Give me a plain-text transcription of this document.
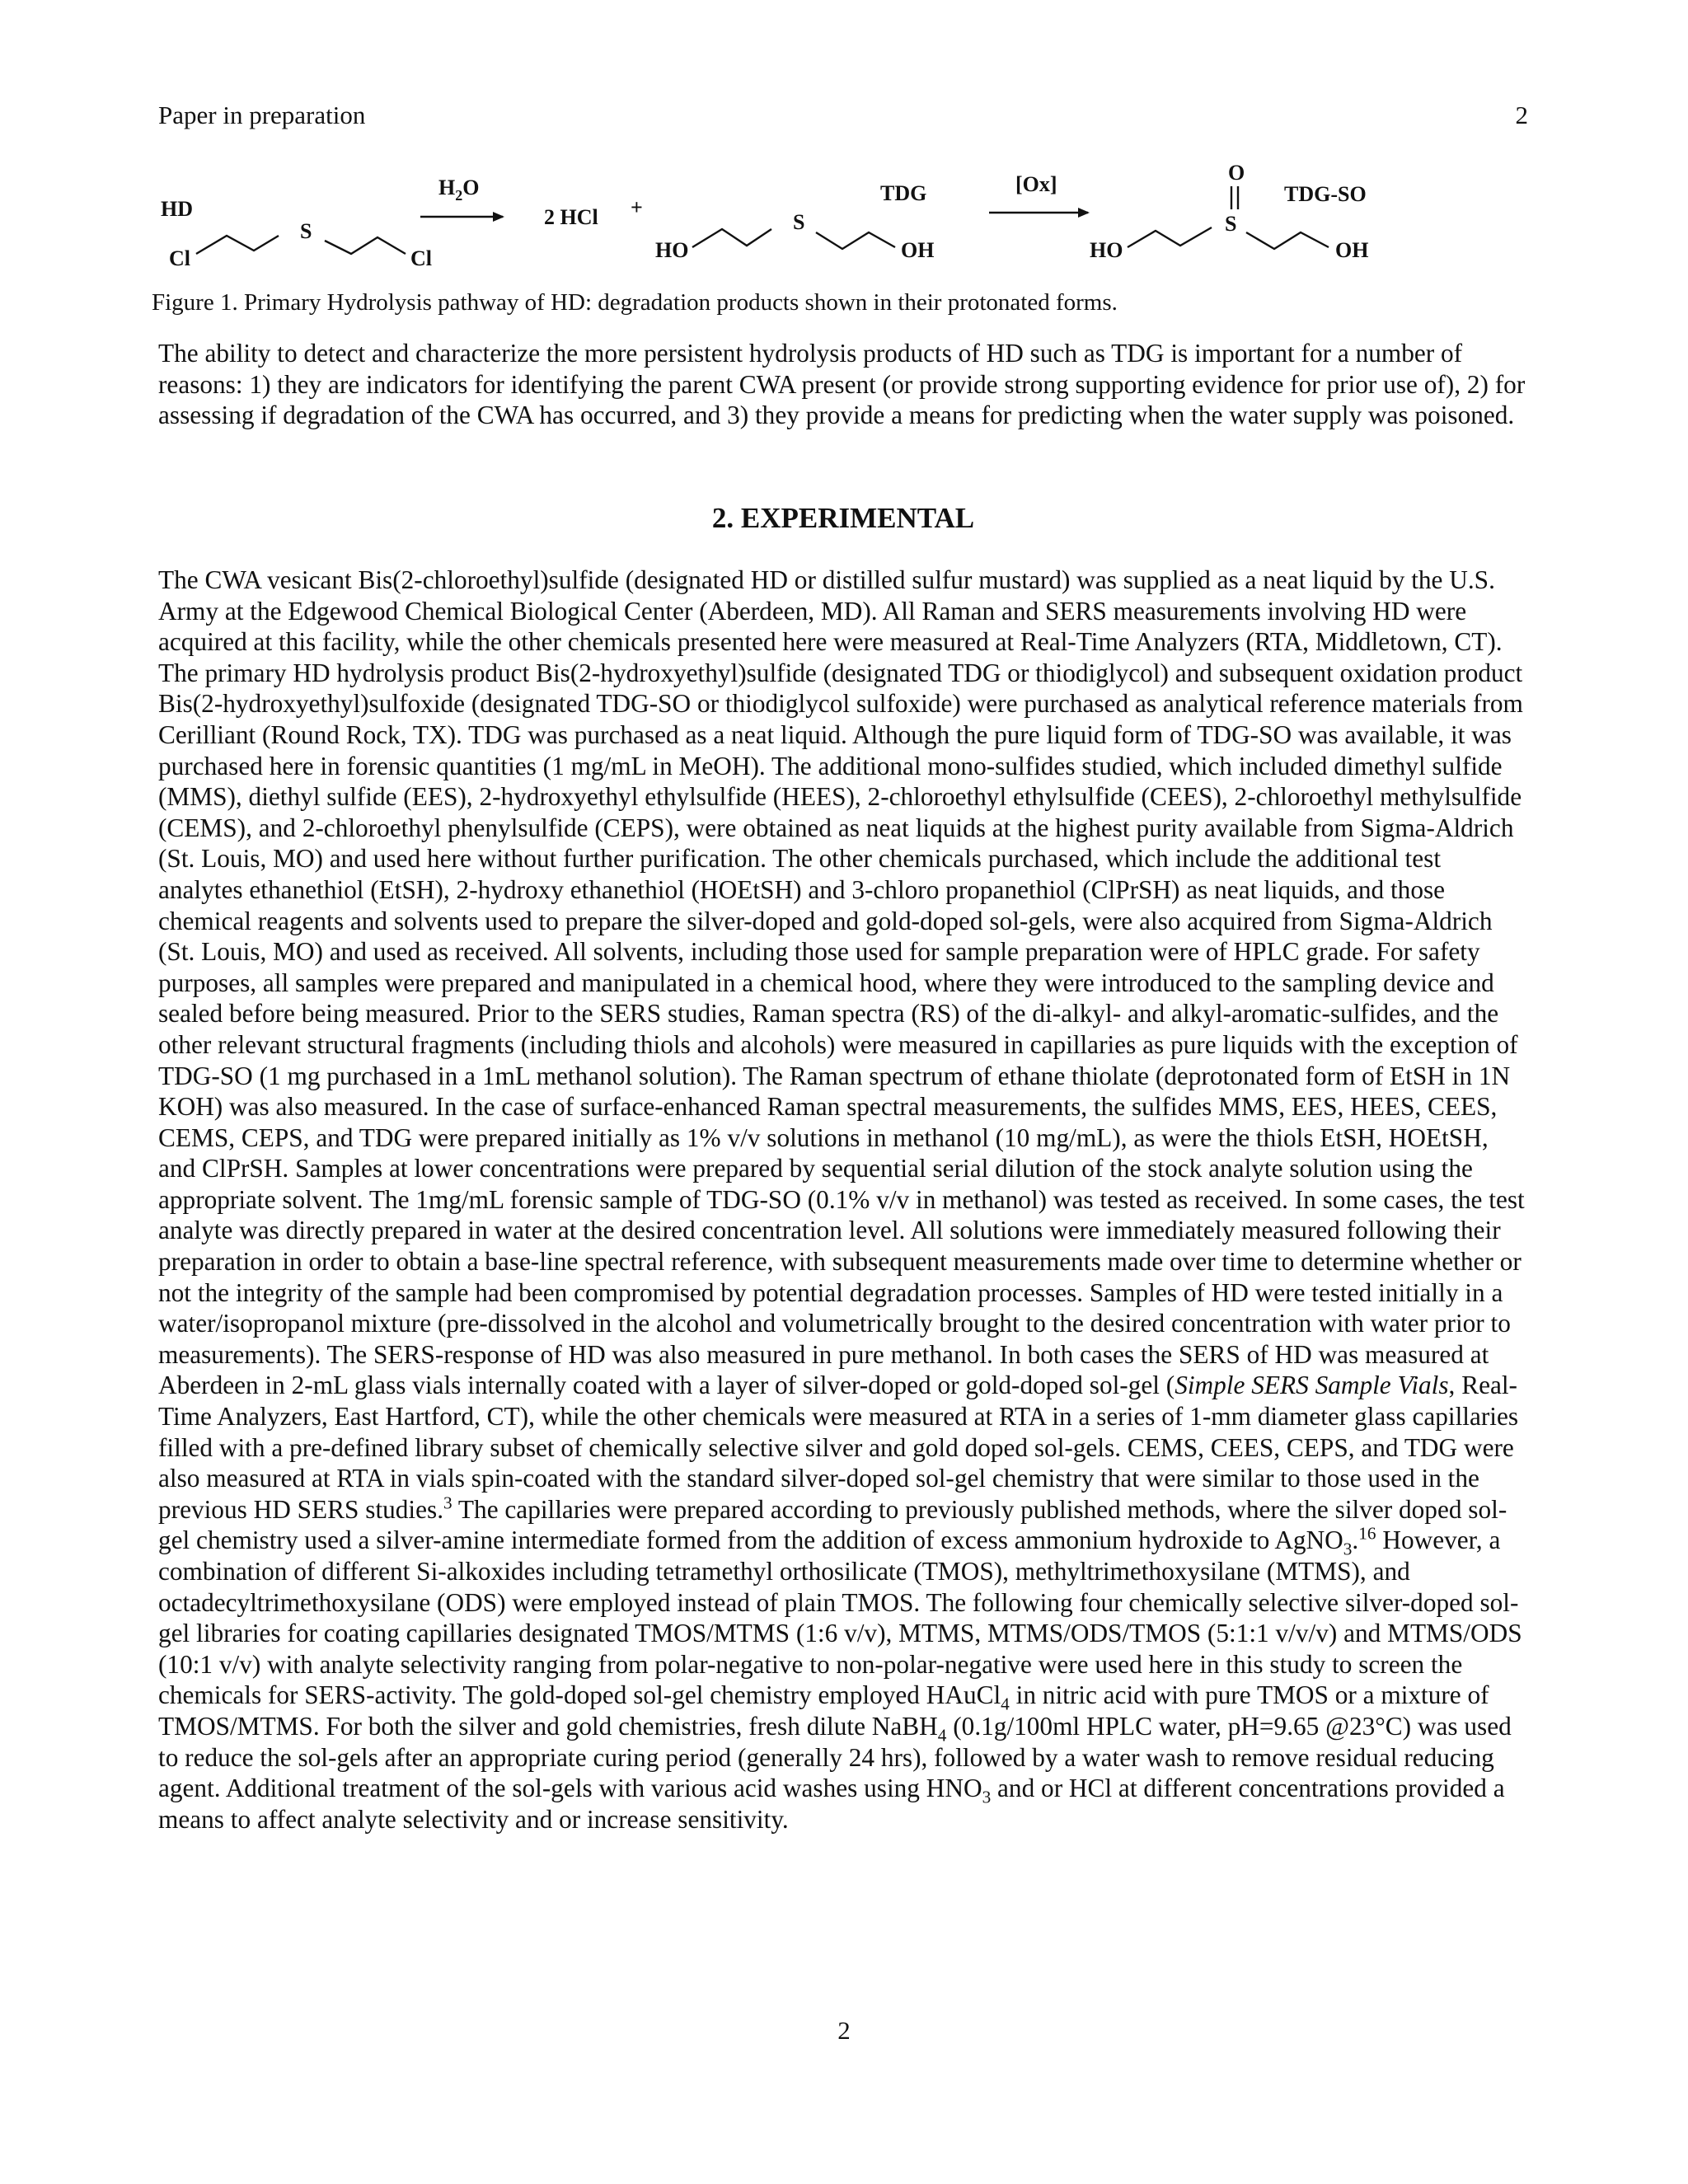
Paper in preparation	2
HD
Cl
S
Cl
$H_2O$
2 HCl +
TDG
HO
S
OH
[Ox]	O
TDG-SO
HO
S
OH
Figure 1. Primary Hydrolysis pathway of HD: degradation products shown in their protonated forms.

The ability to detect and characterize the more persistent hydrolysis products of HD such as TDG is important for a number of reasons: 1) they are indicators for identifying the parent CWA present (or provide strong supporting evidence for prior use of), 2) for assessing if degradation of the CWA has occurred, and 3) they provide a means for predicting when the water supply was poisoned.

2. EXPERIMENTAL

The CWA vesicant Bis(2-chloroethyl)sulfide (designated HD or distilled sulfur mustard) was supplied as a neat liquid by the U.S. Army at the Edgewood Chemical Biological Center (Aberdeen, MD). All Raman and SERS measurements involving HD were acquired at this facility, while the other chemicals presented here were measured at Real-Time Analyzers (RTA, Middletown, CT). The primary HD hydrolysis product Bis(2-hydroxyethyl)sulfide (designated TDG or thiodiglycol) and subsequent oxidation product Bis(2-hydroxyethyl)sulfoxide (designated TDG-SO or thiodiglycol sulfoxide) were purchased as analytical reference materials from Cerilliant (Round Rock, TX). TDG was purchased as a neat liquid. Although the pure liquid form of TDG-SO was available, it was purchased here in forensic quantities (1 mg/mL in MeOH). The additional mono-sulfides studied, which included dimethyl sulfide (MMS), diethyl sulfide (EES), 2-hydroxyethyl ethylsulfide (HEES), 2-chloroethyl ethylsulfide (CEES), 2-chloroethyl methylsulfide (CEMS), and 2-chloroethyl phenylsulfide (CEPS), were obtained as neat liquids at the highest purity available from Sigma-Aldrich (St. Louis, MO) and used here without further purification. The other chemicals purchased, which include the additional test analytes ethanethiol (EtSH), 2-hydroxy ethanethiol (HOEtSH) and 3-chloro propanethiol (ClPrSH) as neat liquids, and those chemical reagents and solvents used to prepare the silver-doped and gold-doped sol-gels, were also acquired from Sigma-Aldrich (St. Louis, MO) and used as received. All solvents, including those used for sample preparation were of HPLC grade. For safety purposes, all samples were prepared and manipulated in a chemical hood, where they were introduced to the sampling device and sealed before being measured. Prior to the SERS studies, Raman spectra (RS) of the di-alkyl- and alkyl-aromatic-sulfides, and the other relevant structural fragments (including thiols and alcohols) were measured in capillaries as pure liquids with the exception of TDG-SO (1 mg purchased in a 1mL methanol solution). The Raman spectrum of ethane thiolate (deprotonated form of EtSH in 1N KOH) was also measured. In the case of surface-enhanced Raman spectral measurements, the sulfides MMS, EES, HEES, CEES, CEMS, CEPS, and TDG were prepared initially as 1% v/v solutions in methanol (10 mg/mL), as were the thiols EtSH, HOEtSH, and ClPrSH. Samples at lower concentrations were prepared by sequential serial dilution of the stock analyte solution using the appropriate solvent. The 1mg/mL forensic sample of TDG-SO (0.1% v/v in methanol) was tested as received. In some cases, the test analyte was directly prepared in water at the desired concentration level. All solutions were immediately measured following their preparation in order to obtain a base-line spectral reference, with subsequent measurements made over time to determine whether or not the integrity of the sample had been compromised by potential degradation processes. Samples of HD were tested initially in a water/isopropanol mixture (pre-dissolved in the alcohol and volumetrically brought to the desired concentration with water prior to measurements). The SERS-response of HD was also measured in pure methanol. In both cases the SERS of HD was measured at Aberdeen in 2-mL glass vials internally coated with a layer of silver-doped or gold-doped sol-gel (Simple SERS Sample Vials, Real-Time Analyzers, East Hartford, CT), while the other chemicals were measured at RTA in a series of 1-mm diameter glass capillaries filled with a pre-defined library subset of chemically selective silver and gold doped sol-gels. CEMS, CEES, CEPS, and TDG were also measured at RTA in vials spin-coated with the standard silver-doped sol-gel chemistry that were similar to those used in the previous HD SERS studies.$^3$ The capillaries were prepared according to previously published methods, where the silver doped sol-gel chemistry used a silver-amine intermediate formed from the addition of excess ammonium hydroxide to AgNO$_3$.$^{16}$ However, a combination of different Si-alkoxides including tetramethyl orthosilicate (TMOS), methyltrimethoxysilane (MTMS), and octadecyltrimethoxysilane (ODS) were employed instead of plain TMOS. The following four chemically selective silver-doped sol-gel libraries for coating capillaries designated TMOS/MTMS (1:6 v/v), MTMS, MTMS/ODS/TMOS (5:1:1 v/v/v) and MTMS/ODS (10:1 v/v) with analyte selectivity ranging from polar-negative to non-polar-negative were used here in this study to screen the chemicals for SERS-activity. The gold-doped sol-gel chemistry employed HAuCl$_4$ in nitric acid with pure TMOS or a mixture of TMOS/MTMS. For both the silver and gold chemistries, fresh dilute NaBH$_4$ (0.1g/100ml HPLC water, pH=9.65 @23°C) was used to reduce the sol-gels after an appropriate curing period (generally 24 hrs), followed by a water wash to remove residual reducing agent. Additional treatment of the sol-gels with various acid washes using $HNO_3$ and or HCl at different concentrations provided a means to affect analyte selectivity and or increase sensitivity.

2
